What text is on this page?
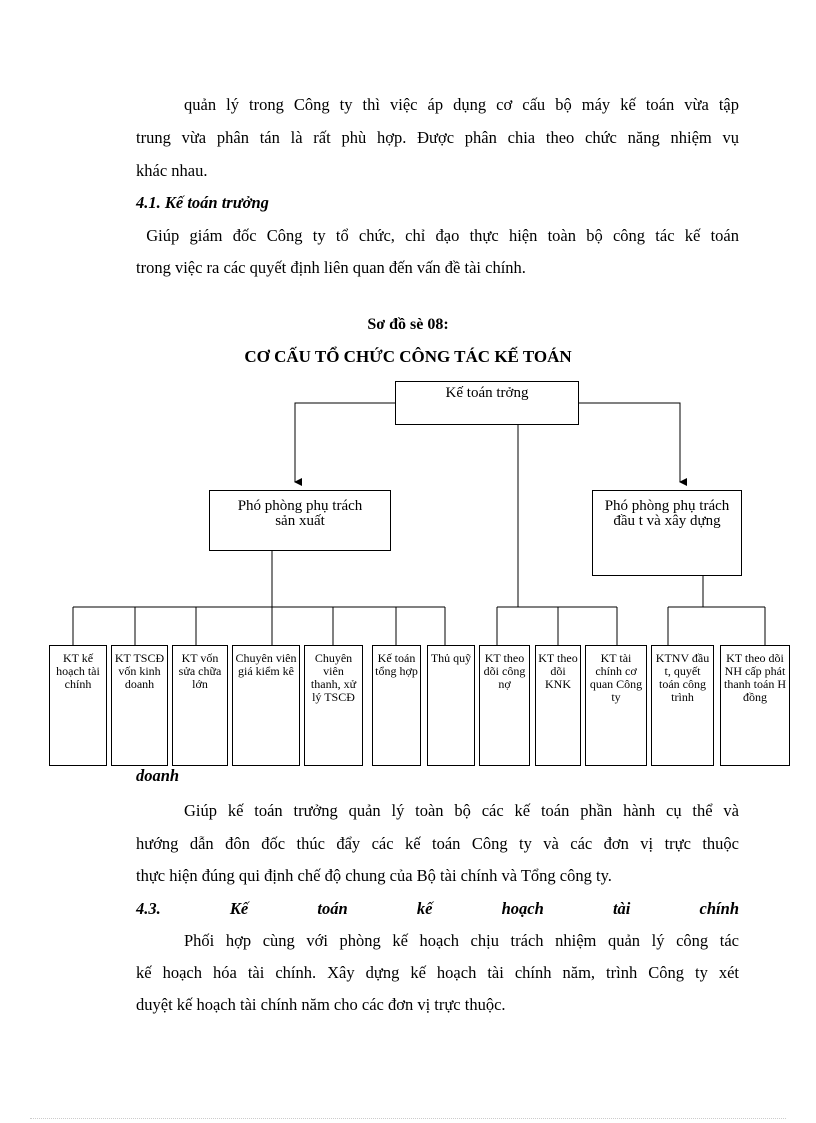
quản lý trong Công ty thì việc áp dụng cơ cấu bộ máy kế toán vừa tập
trung vừa phân tán là rất phù hợp. Được phân chia theo chức năng nhiệm vụ
khác nhau.
4.1. Kế toán trưởng
Giúp giám đốc Công ty tổ chức, chỉ đạo thực hiện toàn bộ công tác kế toán
trong việc ra các quyết định liên quan đến vấn đề tài chính.
Sơ đồ sè 08:
CƠ CẤU TỔ CHỨC CÔNG TÁC KẾ TOÁN
Kế toán trởng
Phó phòng phụ trách sản xuất
Phó phòng phụ trách đầu t và xây dựng
KT kế hoạch tài chính
KT TSCĐ vốn kinh doanh
KT vốn sửa chữa lớn
Chuyên viên giá kiểm kê
Chuyên viên thanh, xử lý TSCĐ
Kế toán tổng hợp
Thủ quỹ	KT theo dõi công nợ
KT theo dõi KNK
KT tài chính cơ quan Công ty
KTNV đầu t, quyết toán công trình
KT theo dõi NH cấp phát thanh toán H đồng
doanh
Giúp kế toán trưởng quản lý toàn bộ các kế toán phần hành cụ thể và
hướng dẫn đôn đốc thúc đẩy các kế toán Công ty và các đơn vị trực thuộc
thực hiện đúng qui định chế độ chung của Bộ tài chính và Tổng công ty.
4.3. Kế toán kế hoạch tài chính
Phối hợp cùng với phòng kế hoạch chịu trách nhiệm quản lý công tác
kế hoạch hóa tài chính. Xây dựng kế hoạch tài chính năm, trình Công ty xét
duyệt kế hoạch tài chính năm cho các đơn vị trực thuộc.
